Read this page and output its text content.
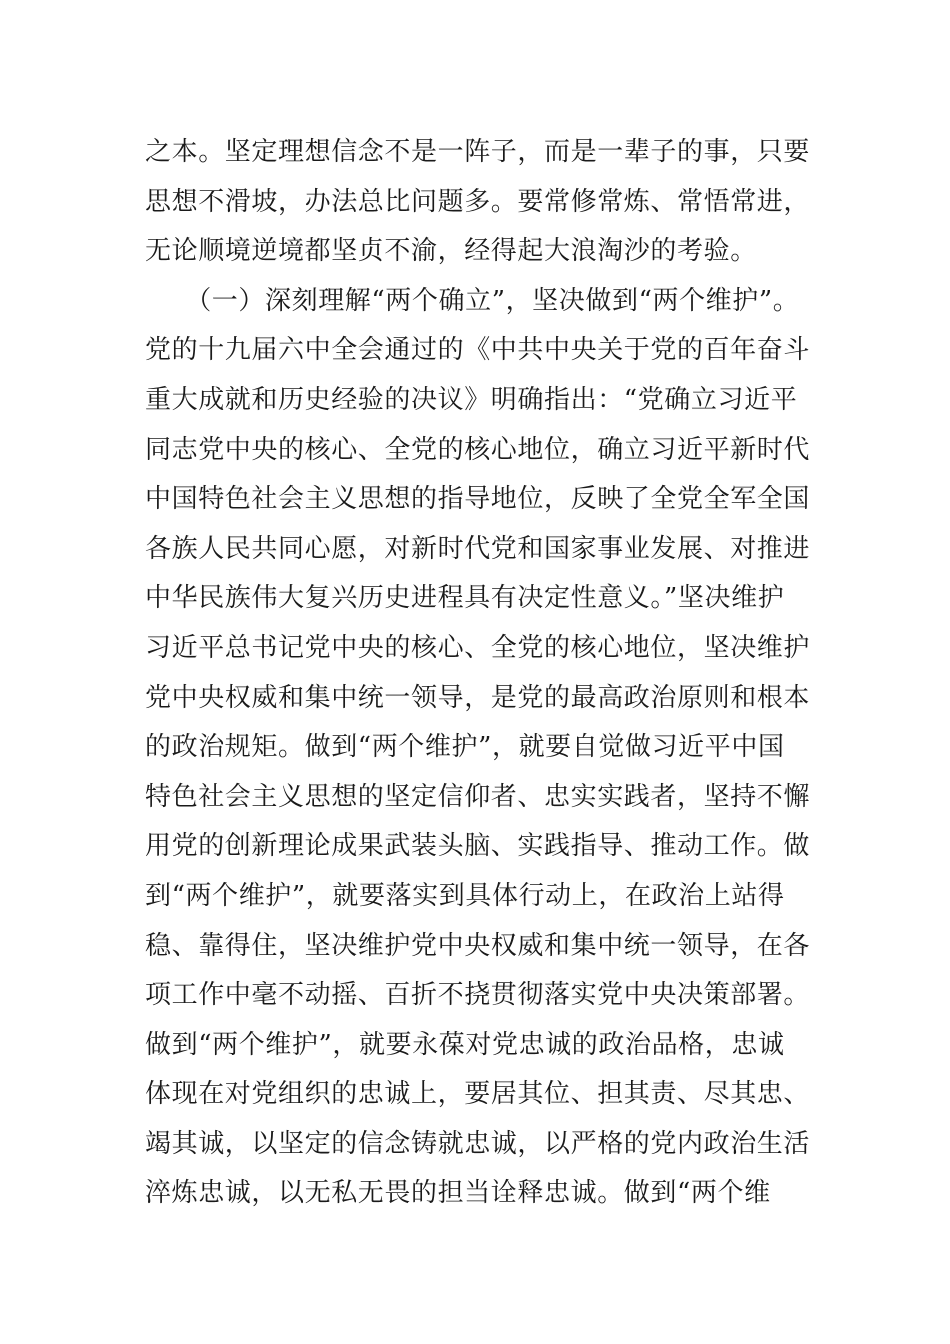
之本。坚定理想信念不是一阵子，而是一辈子的事，只要
思想不滑坡，办法总比问题多。要常修常炼、常悟常进，
无论顺境逆境都坚贞不渝，经得起大浪淘沙的考验。
　　（一）深刻理解“两个确立”，坚决做到“两个维护”。
党的十九届六中全会通过的《中共中央关于党的百年奋斗
重大成就和历史经验的决议》明确指出：“党确立习近平
同志党中央的核心、全党的核心地位，确立习近平新时代
中国特色社会主义思想的指导地位，反映了全党全军全国
各族人民共同心愿，对新时代党和国家事业发展、对推进
中华民族伟大复兴历史进程具有决定性意义。”坚决维护
习近平总书记党中央的核心、全党的核心地位，坚决维护
党中央权威和集中统一领导，是党的最高政治原则和根本
的政治规矩。做到“两个维护”，就要自觉做习近平中国
特色社会主义思想的坚定信仰者、忠实实践者，坚持不懈
用党的创新理论成果武装头脑、实践指导、推动工作。做
到“两个维护”，就要落实到具体行动上，在政治上站得
稳、靠得住，坚决维护党中央权威和集中统一领导，在各
项工作中毫不动摇、百折不挠贯彻落实党中央决策部署。
做到“两个维护”，就要永葆对党忠诚的政治品格，忠诚
体现在对党组织的忠诚上，要居其位、担其责、尽其忠、
竭其诚，以坚定的信念铸就忠诚，以严格的党内政治生活
淬炼忠诚，以无私无畏的担当诠释忠诚。做到“两个维
